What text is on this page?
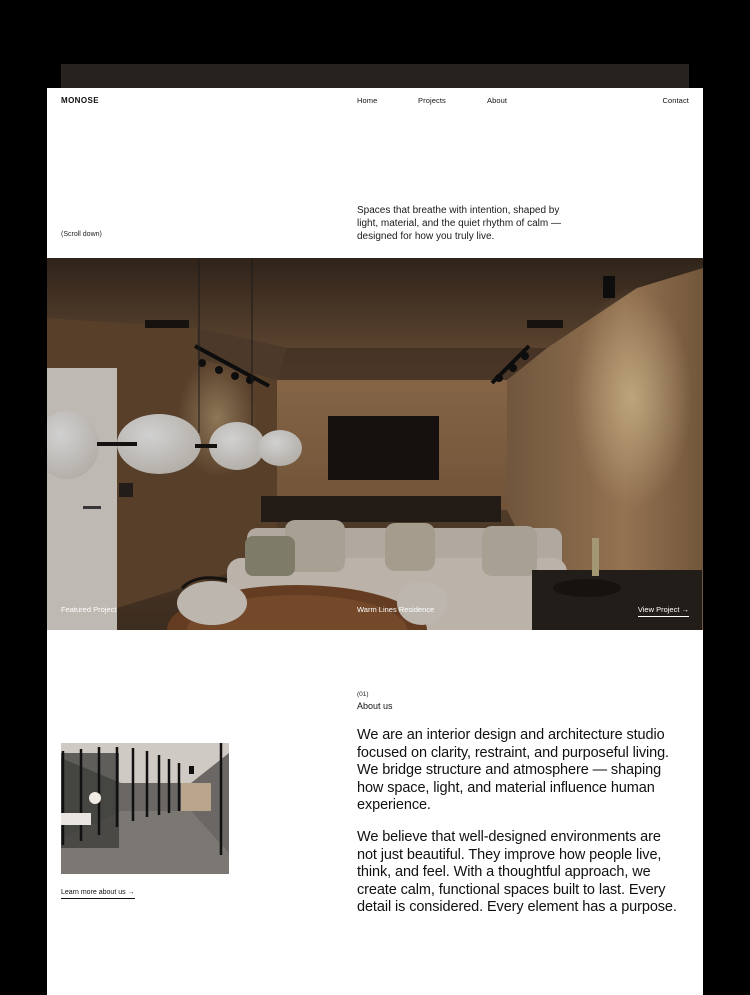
MONOSE	Home	Projects	About	Contact

Spaces that breathe with intention, shaped by light, material, and the quiet rhythm of calm — designed for how you truly live.

(Scroll down)
Featured Project	Warm Lines Residence	View Project →
(01)
About us

We are an interior design and architecture studio focused on clarity, restraint, and purposeful living. We bridge structure and atmosphere — shaping how space, light, and material influence human experience.

We believe that well-designed environments are not just beautiful. They improve how people live, think, and feel. With a thoughtful approach, we create calm, functional spaces built to last. Every detail is considered. Every element has a purpose.

Learn more about us →
